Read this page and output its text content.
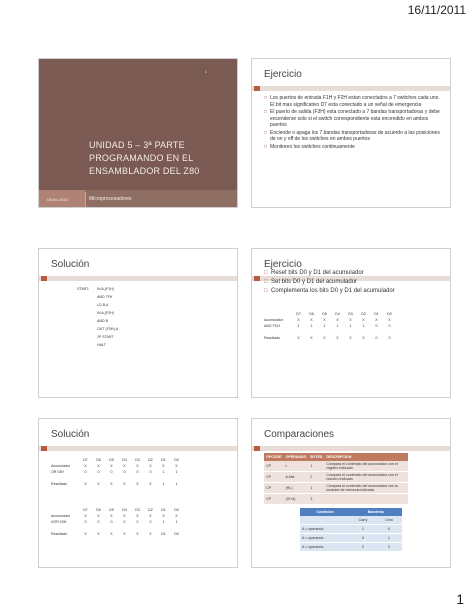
16/11/2011
1
UNIDAD 5 – 3ª PARTE
PROGRAMANDO EN EL
ENSAMBLADOR DEL Z80
Otoño 2010	Microprocesadores
Ejercicio
□ Los puertos de entrada F1H y F2H estan conectados a 7 switches cada uno. El bit mas significativo D7 esta conectado a un señal de emergencia
□ El puerto de salida (F3H) esta conectado a 7 bandas transportadoras y debe encenderse solo si el switch correspondiente esta encendido en ambos puertos
□ Enciende o apaga los 7 bandas transportadoras de acuerdo a las posiciones de on y off de los switches en ambos puertos
□ Monitoreo los switches continuamente
Solución
START:	IN A,(F1H)
AND 7FH
LD B,A
IN A,(F2H)
AND B
OUT (F3H),A
JP START
HALT
Ejercicio
□ Reset bits D0 y D1 del acumulador
□ Set bits D0 y D1 del acumulador
□ Complementa los bits D0 y D1 del acumulador
	D7	D6	D5	D4	D3	D2	D1	D0
Acumulador	X	X	X	X	X	X	X	X
AND FCH	1	1	1	1	1	1	0	0

Resultado	X	X	X	X	X	X	0	0
Solución
	D7	D6	D5	D4	D3	D2	D1	D0
Acumulador	X	X	X	X	X	X	X	X
OR 03H	0	0	0	0	0	0	1	1

Resultado	X	X	X	X	X	X	1	1
	D7	D6	D5	D4	D3	D2	D1	D0
Acumulador	X	X	X	X	X	X	X	X
XOR 03H	0	0	0	0	0	0	1	1

Resultado	X	X	X	X	X	X	D1	D0
Comparaciones
OPCODE	OPERANDO	BYTES	DESCRIPCION
CP	r	1	Compara el contenido del acumulador con el registro indicado
CP	8-bits	2	Compara el contenido del acumulador con el número indicado
CP	(HL)	1	Compara el contenido del acumulador con la locación de memoria indicada
CP	(IX+d)	3	
Condición	Banderas	
	Carry	Cero
A > operando	1	0
A = operando	0	1
A < operando	0	0
1
